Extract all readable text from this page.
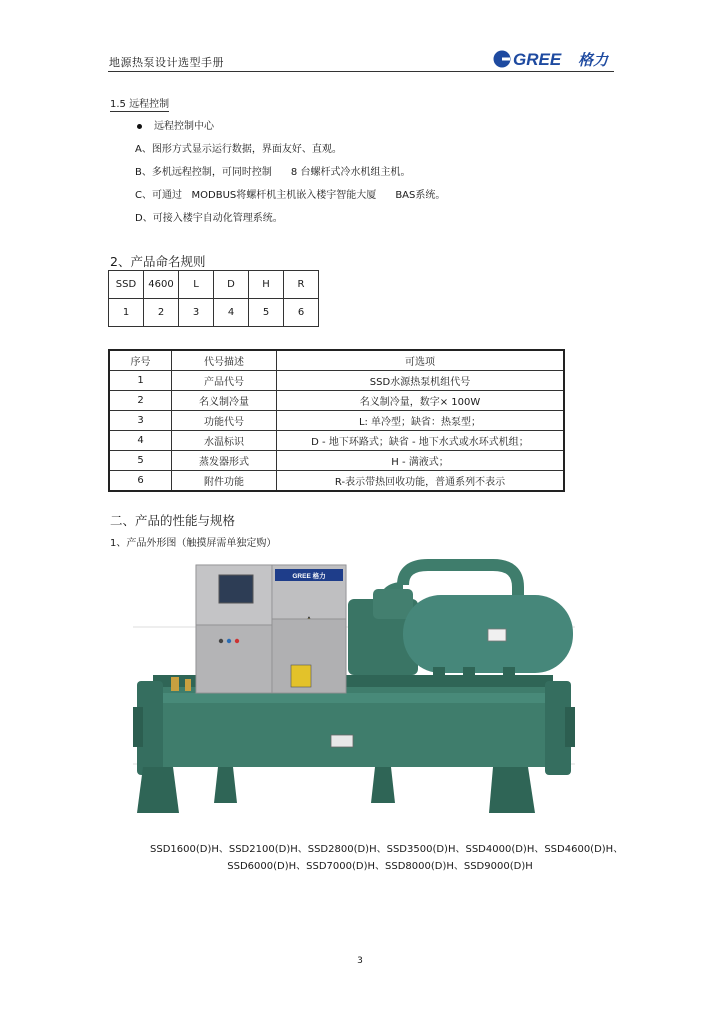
地源热泵设计选型手册	GREE 格力
1.5 远程控制
远程控制中心
A、图形方式显示运行数据，界面友好、直观。
B、多机远程控制，可同时控制      8 台螺杆式冷水机组主机。
C、可通过   MODBUS将螺杆机主机嵌入楼宇智能大厦      BAS系统。
D、可接入楼宇自动化管理系统。
2、产品命名规则
SSD	4600	L	D	H	R
1	2	3	4	5	6
序号	代号描述	可选项
1	产品代号	SSD水源热泵机组代号
2	名义制冷量	名义制冷量，数字× 100W
3	功能代号	L: 单冷型；缺省：热泵型；
4	水温标识	D - 地下环路式；缺省 - 地下水式或水环式机组；
5	蒸发器形式	H - 满液式；
6	附件功能	R-表示带热回收功能，普通系列不表示
二、产品的性能与规格
1、产品外形图（触摸屏需单独定购）
GREE 格力
SSD1600(D)H、SSD2100(D)H、SSD2800(D)H、SSD3500(D)H、SSD4000(D)H、SSD4600(D)H、
SSD6000(D)H、SSD7000(D)H、SSD8000(D)H、SSD9000(D)H
3
